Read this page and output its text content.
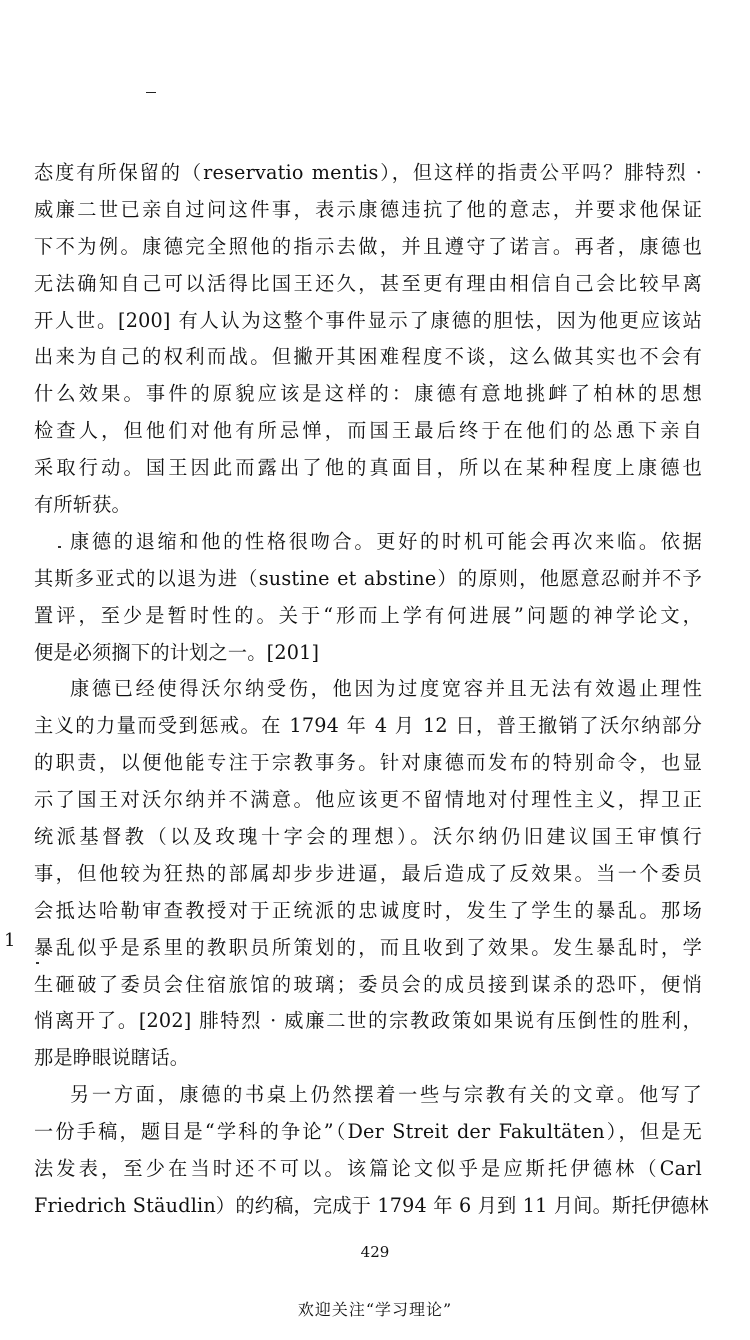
1
态度有所保留的（reservatio mentis），但这样的指责公平吗？腓特烈 ·
威廉二世已亲自过问这件事，表示康德违抗了他的意志，并要求他保证
下不为例。康德完全照他的指示去做，并且遵守了诺言。再者，康德也
无法确知自己可以活得比国王还久，甚至更有理由相信自己会比较早离
开人世。[200] 有人认为这整个事件显示了康德的胆怯，因为他更应该站
出来为自己的权利而战。但撇开其困难程度不谈，这么做其实也不会有
什么效果。事件的原貌应该是这样的：康德有意地挑衅了柏林的思想
检查人，但他们对他有所忌惮，而国王最后终于在他们的怂恿下亲自
采取行动。国王因此而露出了他的真面目，所以在某种程度上康德也
有所斩获。
康德的退缩和他的性格很吻合。更好的时机可能会再次来临。依据
其斯多亚式的以退为进（sustine et abstine）的原则，他愿意忍耐并不予
置评，至少是暂时性的。关于“形而上学有何进展”问题的神学论文，
便是必须搁下的计划之一。[201]
康德已经使得沃尔纳受伤，他因为过度宽容并且无法有效遏止理性
主义的力量而受到惩戒。在 1794 年 4 月 12 日，普王撤销了沃尔纳部分
的职责，以便他能专注于宗教事务。针对康德而发布的特别命令，也显
示了国王对沃尔纳并不满意。他应该更不留情地对付理性主义，捍卫正
统派基督教（以及玫瑰十字会的理想）。沃尔纳仍旧建议国王审慎行
事，但他较为狂热的部属却步步进逼，最后造成了反效果。当一个委员
会抵达哈勒审查教授对于正统派的忠诚度时，发生了学生的暴乱。那场
暴乱似乎是系里的教职员所策划的，而且收到了效果。发生暴乱时，学
生砸破了委员会住宿旅馆的玻璃；委员会的成员接到谋杀的恐吓，便悄
悄离开了。[202] 腓特烈 · 威廉二世的宗教政策如果说有压倒性的胜利，
那是睁眼说瞎话。
另一方面，康德的书桌上仍然摆着一些与宗教有关的文章。他写了
一份手稿，题目是“学科的争论”（Der Streit der Fakultäten），但是无
法发表，至少在当时还不可以。该篇论文似乎是应斯托伊德林（Carl
Friedrich Stäudlin）的约稿，完成于 1794 年 6 月到 11 月间。斯托伊德林
429
欢迎关注“学习理论”
